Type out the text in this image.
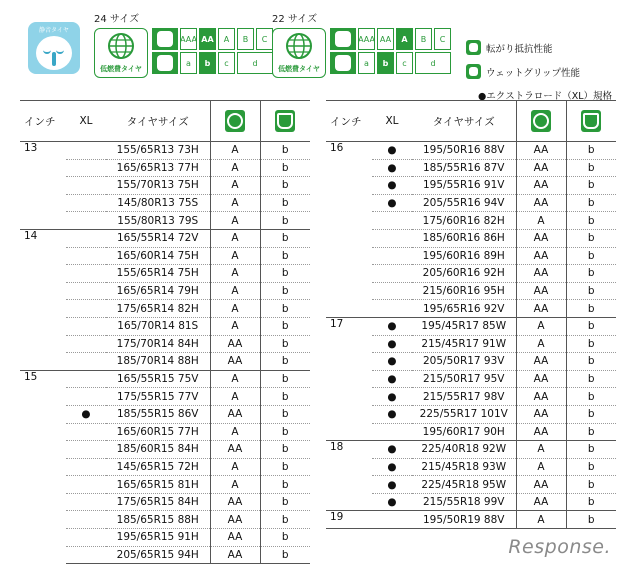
静音タイヤ
24 サイズ
低燃費タイヤ
AAA AA	A	B	C
a	b	c	d
22 サイズ
低燃費タイヤ
AAA AA	A	B	C
a	b	c	d
転がり抵抗性能
ウェットグリップ性能
●エクストラロード（XL）規格
インチ	XL	タイヤサイズ	

13		155/65R13 73H	A	b
		165/65R13 77H	A	b
		155/70R13 75H	A	b
		145/80R13 75S	A	b
		155/80R13 79S	A	b
14		165/55R14 72V	A	b
		165/60R14 75H	A	b
		155/65R14 75H	A	b
		165/65R14 79H	A	b
		175/65R14 82H	A	b
		165/70R14 81S	A	b
		175/70R14 84H	AA	b
		185/70R14 88H	AA	b
15		165/55R15 75V	A	b
		175/55R15 77V	A	b
	●	185/55R15 86V	AA	b
		165/60R15 77H	A	b
		185/60R15 84H	AA	b
		145/65R15 72H	A	b
		165/65R15 81H	A	b
		175/65R15 84H	AA	b
		185/65R15 88H	AA	b
		195/65R15 91H	AA	b
		205/65R15 94H	AA	b
インチ	XL	タイヤサイズ	

16	●	195/50R16 88V	AA	b
	●	185/55R16 87V	AA	b
	●	195/55R16 91V	AA	b
	●	205/55R16 94V	AA	b
		175/60R16 82H	A	b
		185/60R16 86H	AA	b
		195/60R16 89H	AA	b
		205/60R16 92H	AA	b
		215/60R16 95H	AA	b
		195/65R16 92V	AA	b
17	●	195/45R17 85W	A	b
	●	215/45R17 91W	A	b
	●	205/50R17 93V	AA	b
	●	215/50R17 95V	AA	b
	●	215/55R17 98V	AA	b
	●	225/55R17 101V	AA	b
		195/60R17 90H	AA	b
18	●	225/40R18 92W	A	b
	●	215/45R18 93W	A	b
	●	225/45R18 95W	AA	b
	●	215/55R18 99V	AA	b
19		195/50R19 88V	A	b
Response.
